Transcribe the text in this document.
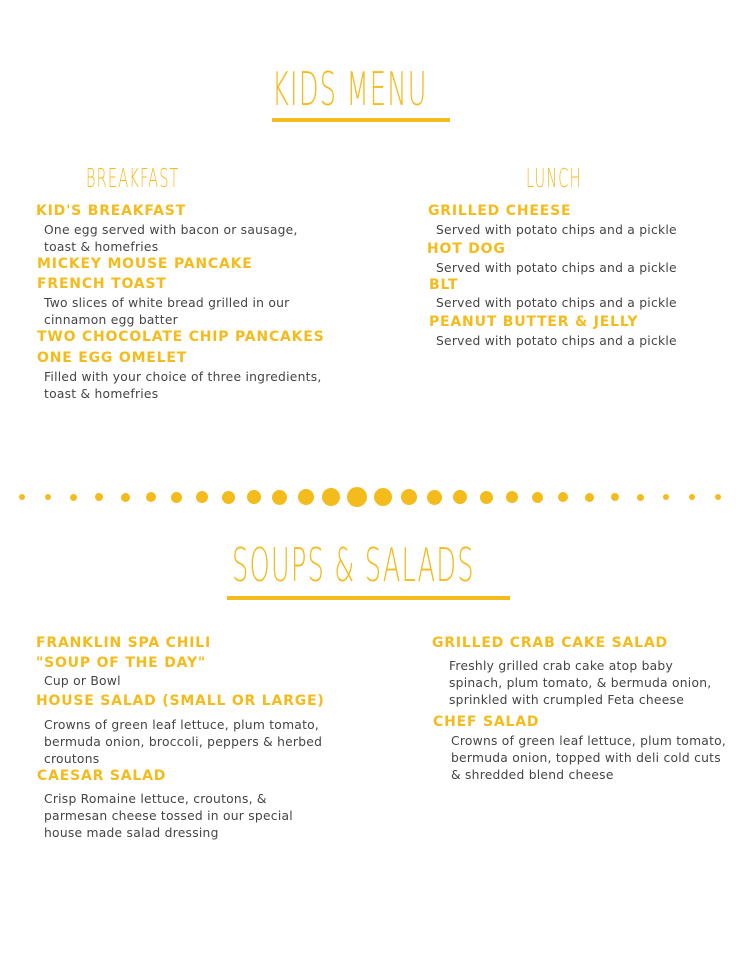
KIDS MENU
BREAKFAST	LUNCH
KID'S BREAKFAST
One egg served with bacon or sausage,
toast & homefries
MICKEY MOUSE PANCAKE
FRENCH TOAST
Two slices of white bread grilled in our
cinnamon egg batter
TWO CHOCOLATE CHIP PANCAKES
ONE EGG OMELET
Filled with your choice of three ingredients,
toast & homefries
GRILLED CHEESE
Served with potato chips and a pickle
HOT DOG
Served with potato chips and a pickle
BLT
Served with potato chips and a pickle
PEANUT BUTTER & JELLY
Served with potato chips and a pickle
SOUPS & SALADS
FRANKLIN SPA CHILI
"SOUP OF THE DAY"
Cup or Bowl
HOUSE SALAD (SMALL OR LARGE)
Crowns of green leaf lettuce, plum tomato,
bermuda onion, broccoli, peppers & herbed
croutons
CAESAR SALAD
Crisp Romaine lettuce, croutons, &
parmesan cheese tossed in our special
house made salad dressing
GRILLED CRAB CAKE SALAD
Freshly grilled crab cake atop baby
spinach, plum tomato, & bermuda onion,
sprinkled with crumpled Feta cheese
CHEF SALAD
Crowns of green leaf lettuce, plum tomato,
bermuda onion, topped with deli cold cuts
& shredded blend cheese
